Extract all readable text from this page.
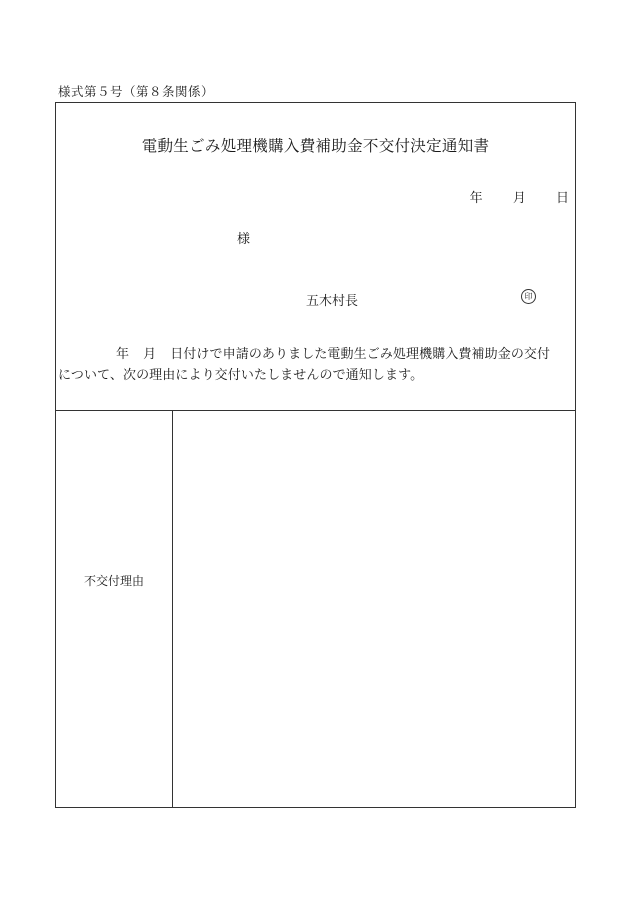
様式第５号（第８条関係）
電動生ごみ処理機購入費補助金不交付決定通知書
年 月 日
様
五木村長	印
年 月 日付けで申請のありました電動生ごみ処理機購入費補助金の交付
について、次の理由により交付いたしませんので通知します。
不交付理由
